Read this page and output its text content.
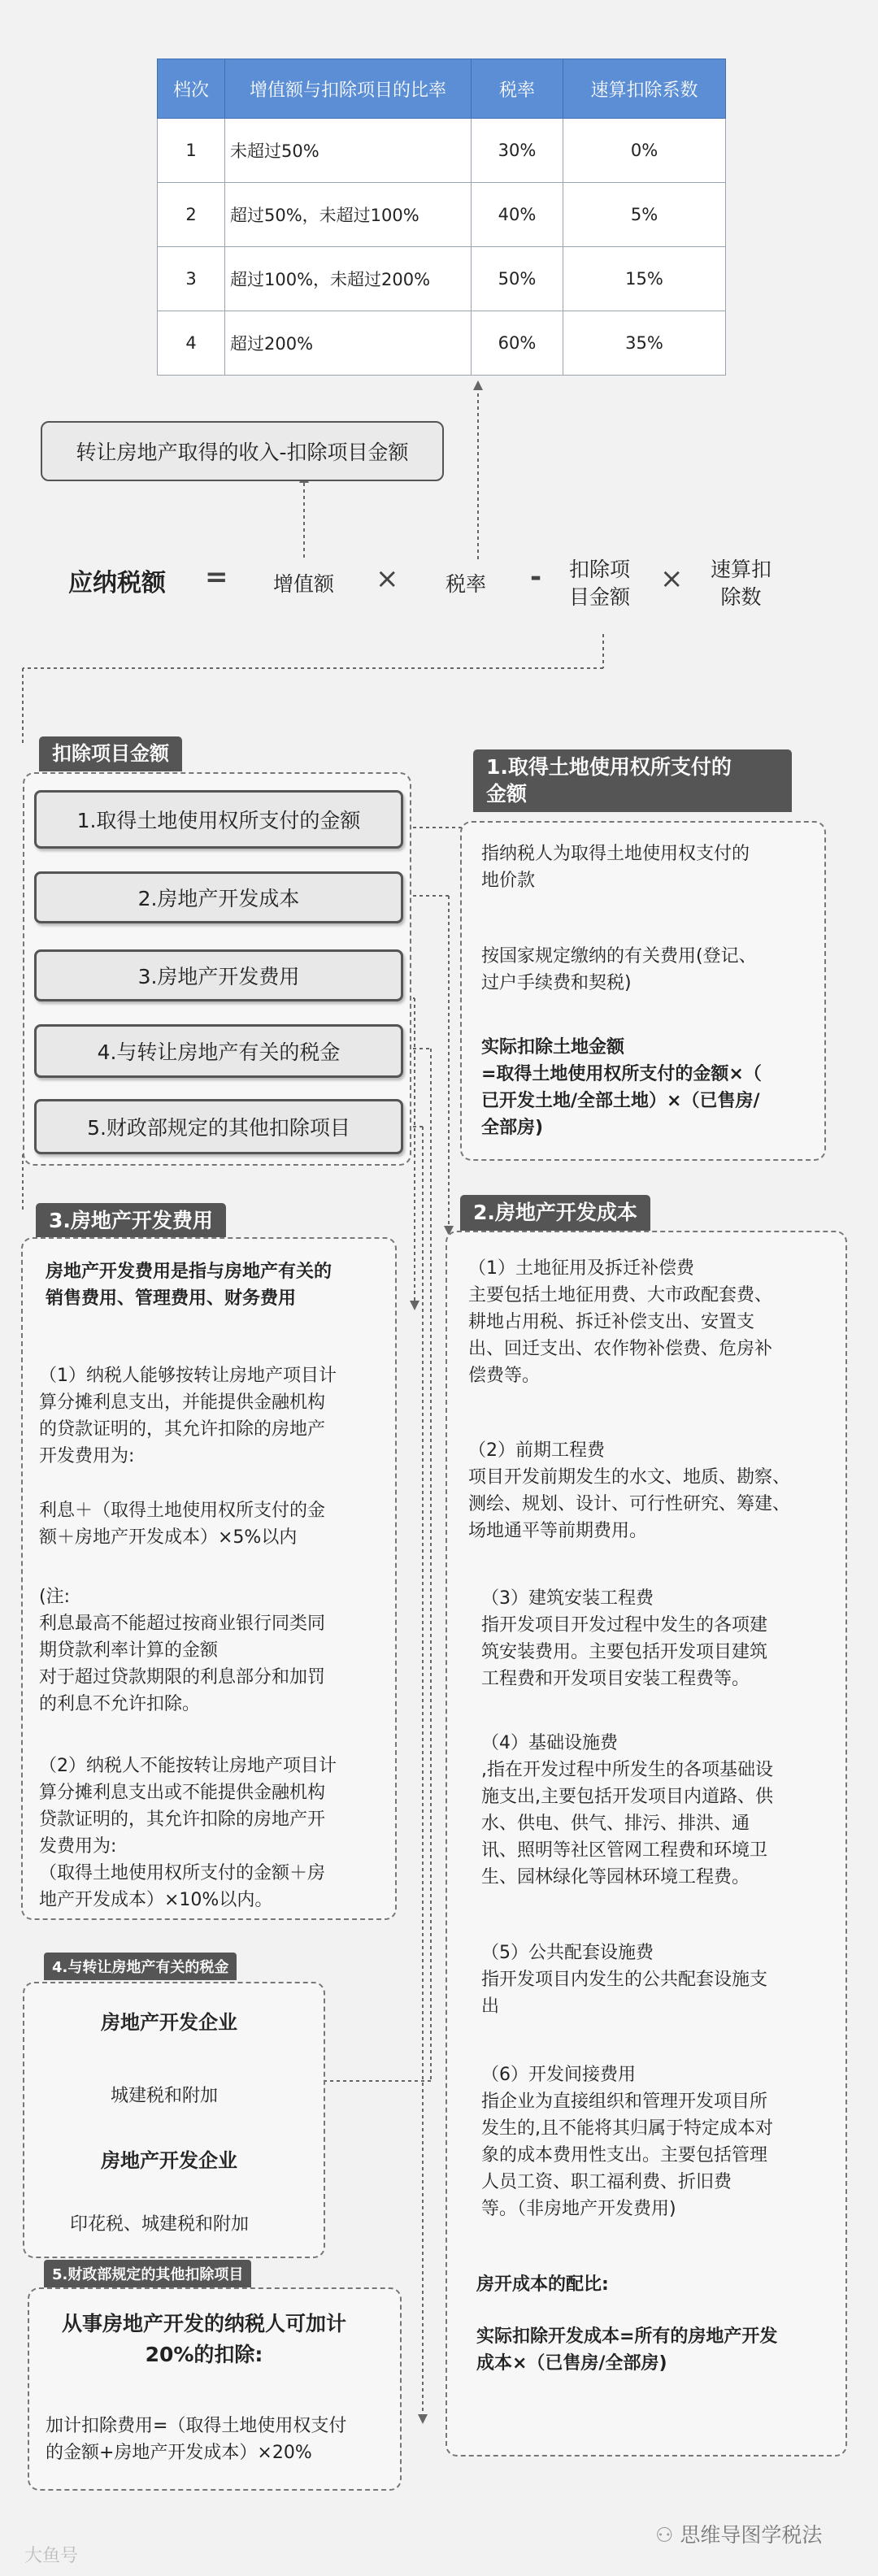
档次	增值额与扣除项目的比率	税率	速算扣除系数
1	未超过50%	30%	0%
2	超过50%，未超过100%	40%	5%
3	超过100%，未超过200%	50%	15%
4	超过200%	60%	35%
转让房地产取得的收入-扣除项目金额
应纳税额 = 增值额 × 税率 - 扣除项
目金额
× 速算扣
除数
扣除项目金额
1.取得土地使用权所支付的金额
2.房地产开发成本
3.房地产开发费用
4.与转让房地产有关的税金
5.财政部规定的其他扣除项目
1.取得土地使用权所支付的
金额
指纳税人为取得土地使用权支付的
地价款
按国家规定缴纳的有关费用(登记、
过户手续费和契税)
实际扣除土地金额
=取得土地使用权所支付的金额×（
已开发土地/全部土地）×（已售房/
全部房)
2.房地产开发成本
（1）土地征用及拆迁补偿费
主要包括土地征用费、大市政配套费、
耕地占用税、拆迁补偿支出、安置支
出、回迁支出、农作物补偿费、危房补
偿费等。
（2）前期工程费
项目开发前期发生的水文、地质、勘察、
测绘、规划、设计、可行性研究、筹建、
场地通平等前期费用。
（3）建筑安装工程费
指开发项目开发过程中发生的各项建
筑安装费用。主要包括开发项目建筑
工程费和开发项目安装工程费等。
（4）基础设施费
,指在开发过程中所发生的各项基础设
施支出,主要包括开发项目内道路、供
水、供电、供气、排污、排洪、通
讯、照明等社区管网工程费和环境卫
生、园林绿化等园林环境工程费。
（5）公共配套设施费
指开发项目内发生的公共配套设施支
出
（6）开发间接费用
指企业为直接组织和管理开发项目所
发生的,且不能将其归属于特定成本对
象的成本费用性支出。主要包括管理
人员工资、职工福利费、折旧费
等。（非房地产开发费用)
房开成本的配比:
实际扣除开发成本=所有的房地产开发
成本×（已售房/全部房)
3.房地产开发费用
房地产开发费用是指与房地产有关的
销售费用、管理费用、财务费用
（1）纳税人能够按转让房地产项目计
算分摊利息支出，并能提供金融机构
的贷款证明的，其允许扣除的房地产
开发费用为:
利息＋（取得土地使用权所支付的金
额＋房地产开发成本）×5%以内
(注:
利息最高不能超过按商业银行同类同
期贷款利率计算的金额
对于超过贷款期限的利息部分和加罚
的利息不允许扣除。
（2）纳税人不能按转让房地产项目计
算分摊利息支出或不能提供金融机构
贷款证明的，其允许扣除的房地产开
发费用为:
（取得土地使用权所支付的金额＋房
地产开发成本）×10%以内。
4.与转让房地产有关的税金
房地产开发企业
城建税和附加
房地产开发企业
印花税、城建税和附加
5.财政部规定的其他扣除项目
从事房地产开发的纳税人可加计
20%的扣除:
加计扣除费用=（取得土地使用权支付
的金额+房地产开发成本）×20%
大鱼号
⚇ 思维导图学税法
